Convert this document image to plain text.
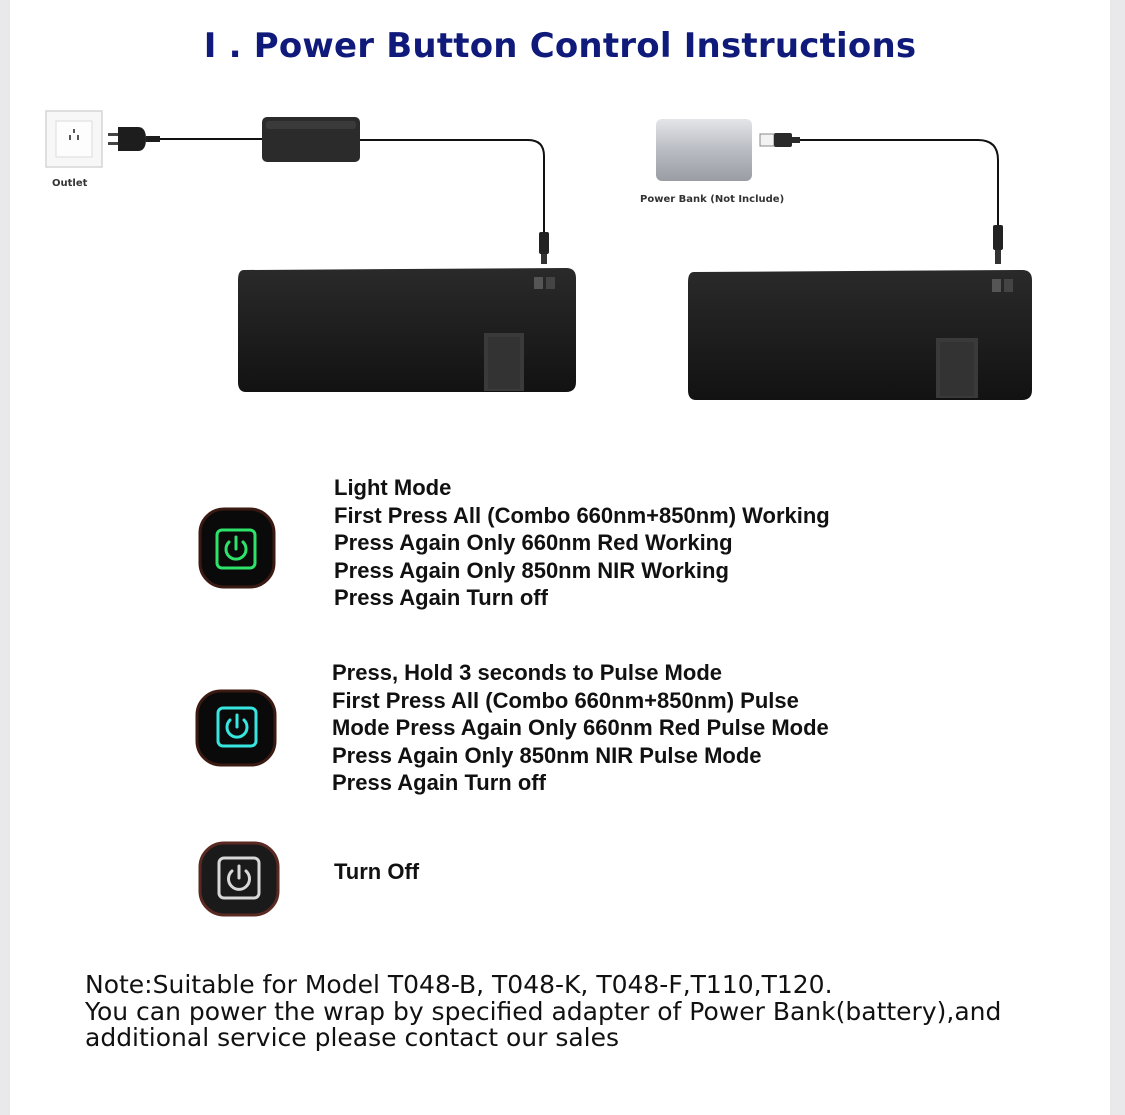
I . Power Button Control Instructions
Outlet
Power Bank (Not Include)
Light Mode
First Press All (Combo 660nm+850nm) Working
Press Again Only 660nm Red Working
Press Again Only 850nm NIR Working
Press Again Turn off
Press, Hold 3 seconds to Pulse Mode
First Press All (Combo 660nm+850nm) Pulse
Mode Press Again Only 660nm Red Pulse Mode
Press Again Only 850nm NIR Pulse Mode
Press Again Turn off
Turn Off
Note:Suitable for Model T048-B, T048-K, T048-F,T110,T120.
You can power the wrap by specified adapter of Power Bank(battery),and
additional service please contact our sales
